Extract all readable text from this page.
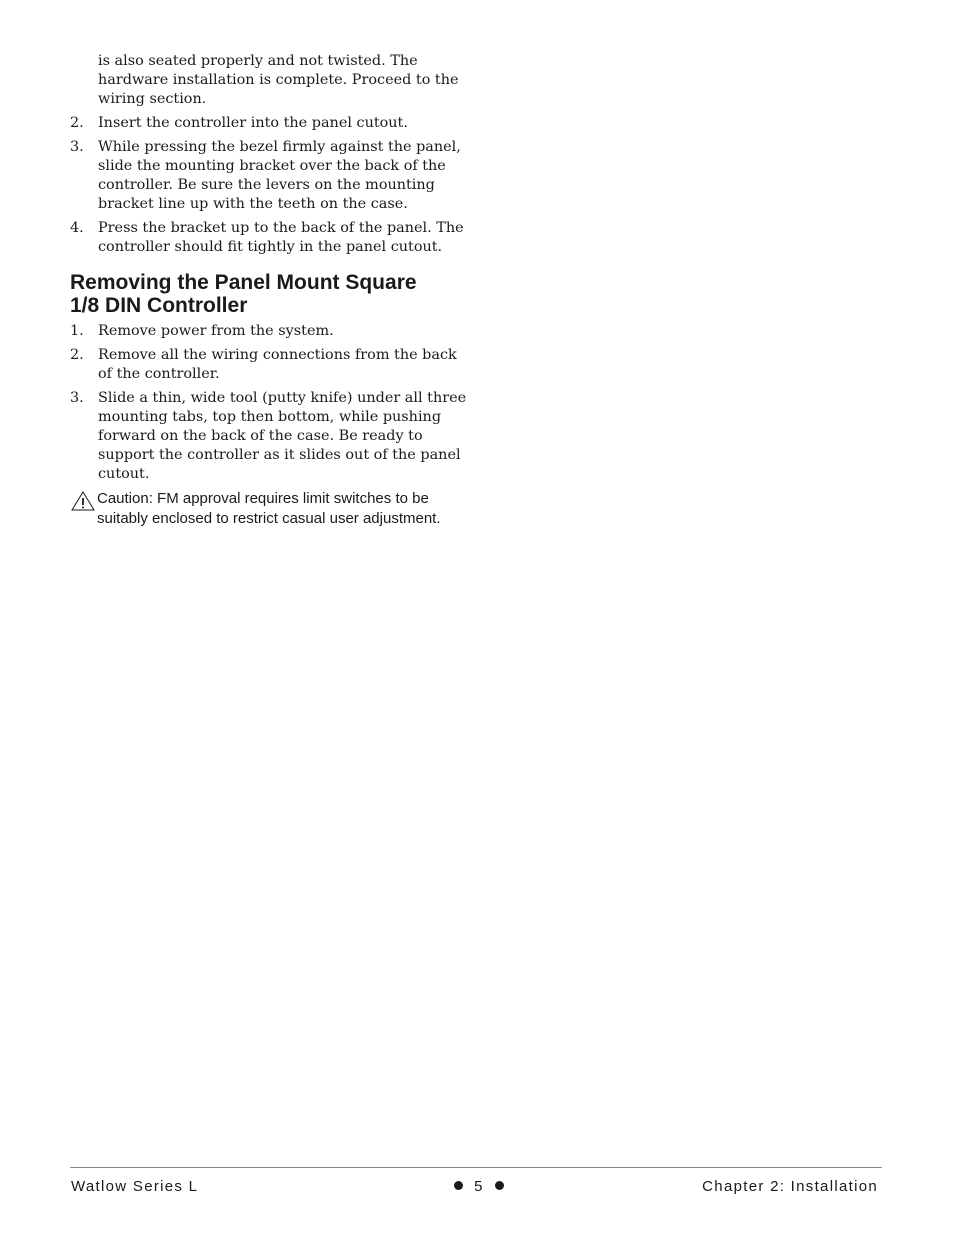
is also seated properly and not twisted. The hardware installation is complete. Proceed to the wiring section.

2. Insert the controller into the panel cutout.
3. While pressing the bezel firmly against the panel, slide the mounting bracket over the back of the controller. Be sure the levers on the mounting bracket line up with the teeth on the case.
4. Press the bracket up to the back of the panel. The controller should fit tightly in the panel cutout.
Removing the Panel Mount Square 1/8 DIN Controller
1. Remove power from the system.
2. Remove all the wiring connections from the back of the controller.
3. Slide a thin, wide tool (putty knife) under all three mounting tabs, top then bottom, while pushing forward on the back of the case. Be ready to support the controller as it slides out of the panel cutout.
Caution: FM approval requires limit switches to be suitably enclosed to restrict casual user adjustment.
Watlow Series L	5	Chapter 2: Installation
